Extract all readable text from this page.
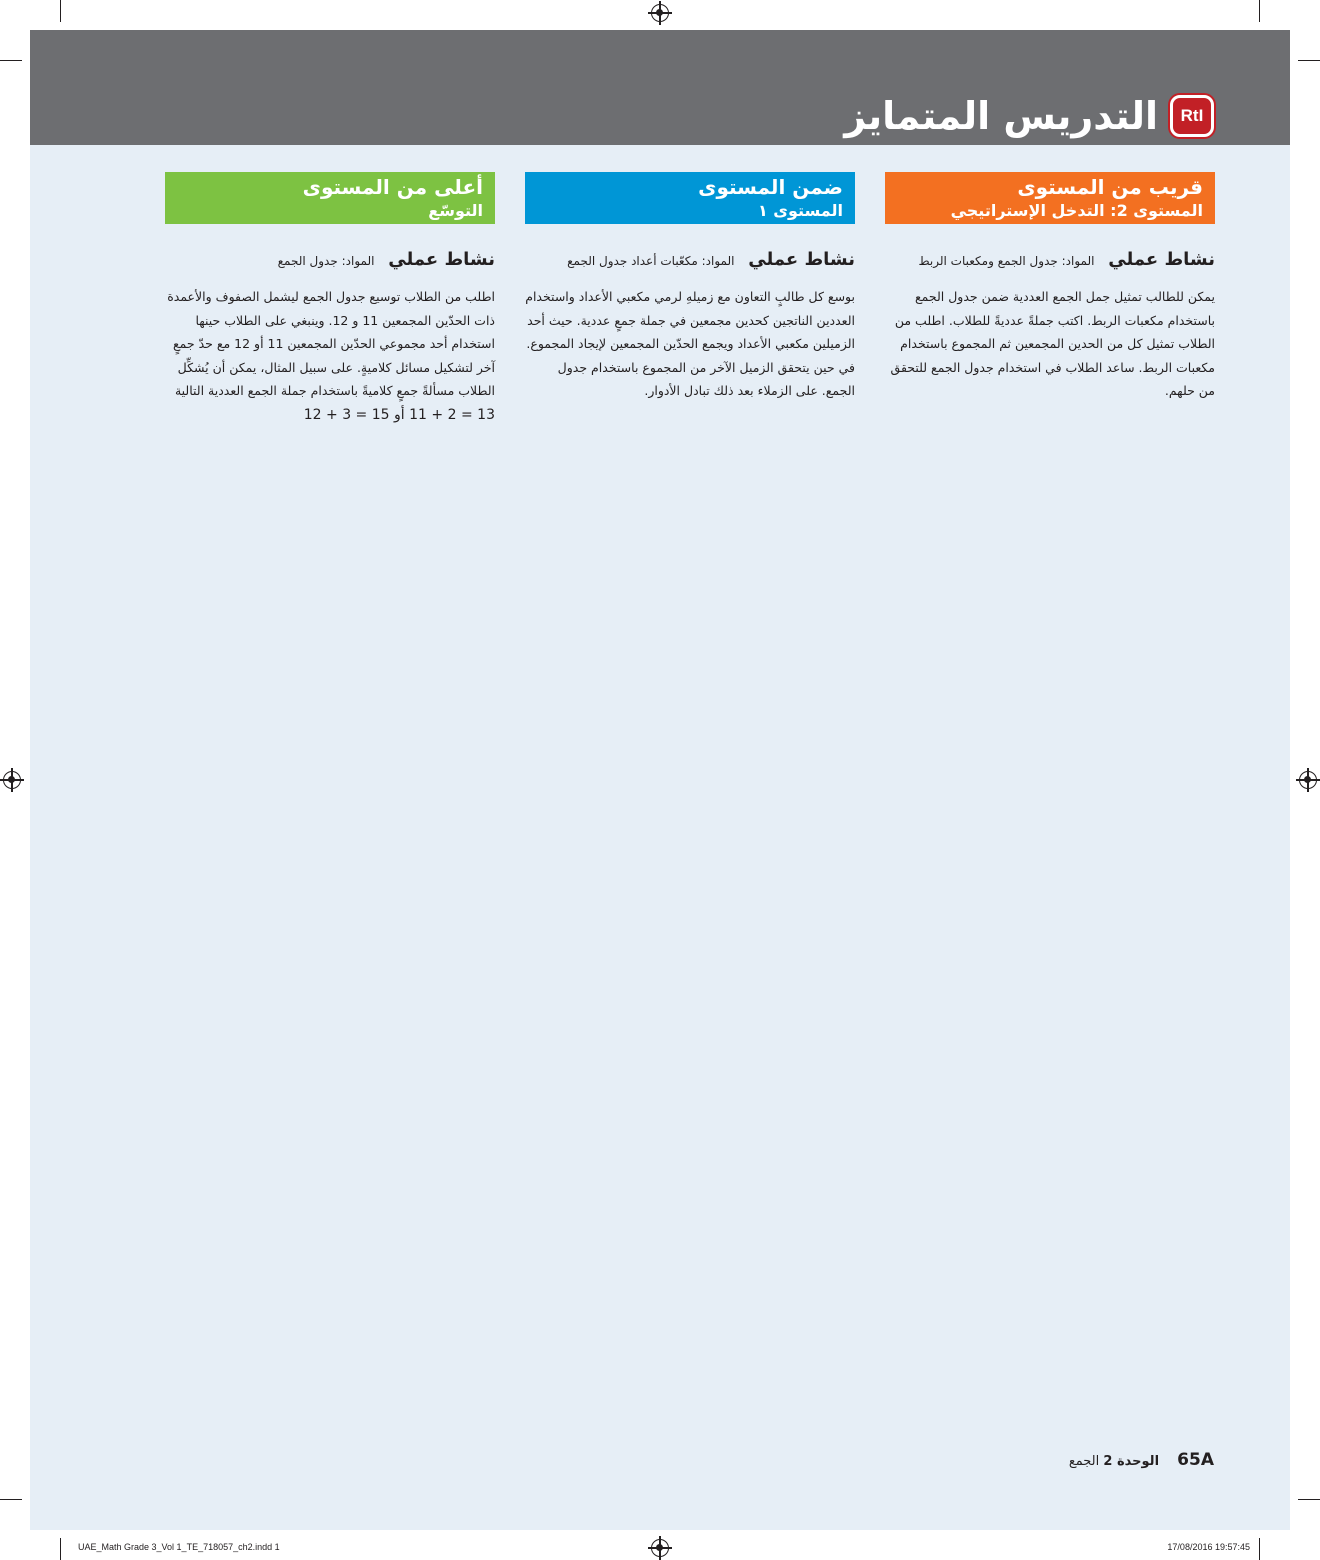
التدريس المتمايز	RtI
قريب من المستوى
المستوى 2: التدخل الإستراتيجي
نشاط عملي المواد: جدول الجمع ومكعبات الربط

يمكن للطالب تمثيل جمل الجمع العددية ضمن جدول الجمع باستخدام مكعبات الربط. اكتب جملةً عدديةً للطلاب. اطلب من الطلاب تمثيل كل من الحدين المجمعين ثم المجموع باستخدام مكعبات الربط. ساعد الطلاب في استخدام جدول الجمع للتحقق من حلهم.

ضمن المستوى
المستوى ١
نشاط عملي المواد: مكعّبات أعداد جدول الجمع

بوسع كل طالبٍ التعاون مع زميلهِ لرمي مكعبي الأعداد واستخدام العددين الناتجين كحدين مجمعين في جملة جمعٍ عددية. حيث أحد الزميلين مكعبي الأعداد ويجمع الحدّين المجمعين لإيجاد المجموع. في حين يتحقق الزميل الآخر من المجموع باستخدام جدول الجمع. على الزملاء بعد ذلك تبادل الأدوار.

أعلى من المستوى
التوسّع
نشاط عملي المواد: جدول الجمع

اطلب من الطلاب توسيع جدول الجمع ليشمل الصفوف والأعمدة ذات الحدّين المجمعين 11 و 12. وينبغي على الطلاب حينها استخدام أحد مجموعي الحدّين المجمعين 11 أو 12 مع حدّ جمعٍ آخر لتشكيل مسائل كلاميةٍ. على سبيل المثال، يمكن أن يُشكِّل الطلاب مسألةً جمعٍ كلاميةً باستخدام جملة الجمع العددية التالية

13 = 2 + 11 أو 15 = 3 + 12
65A الوحدة 2 الجمع
UAE_Math Grade 3_Vol 1_TE_718057_ch2.indd 1	17/08/2016 19:57:45
